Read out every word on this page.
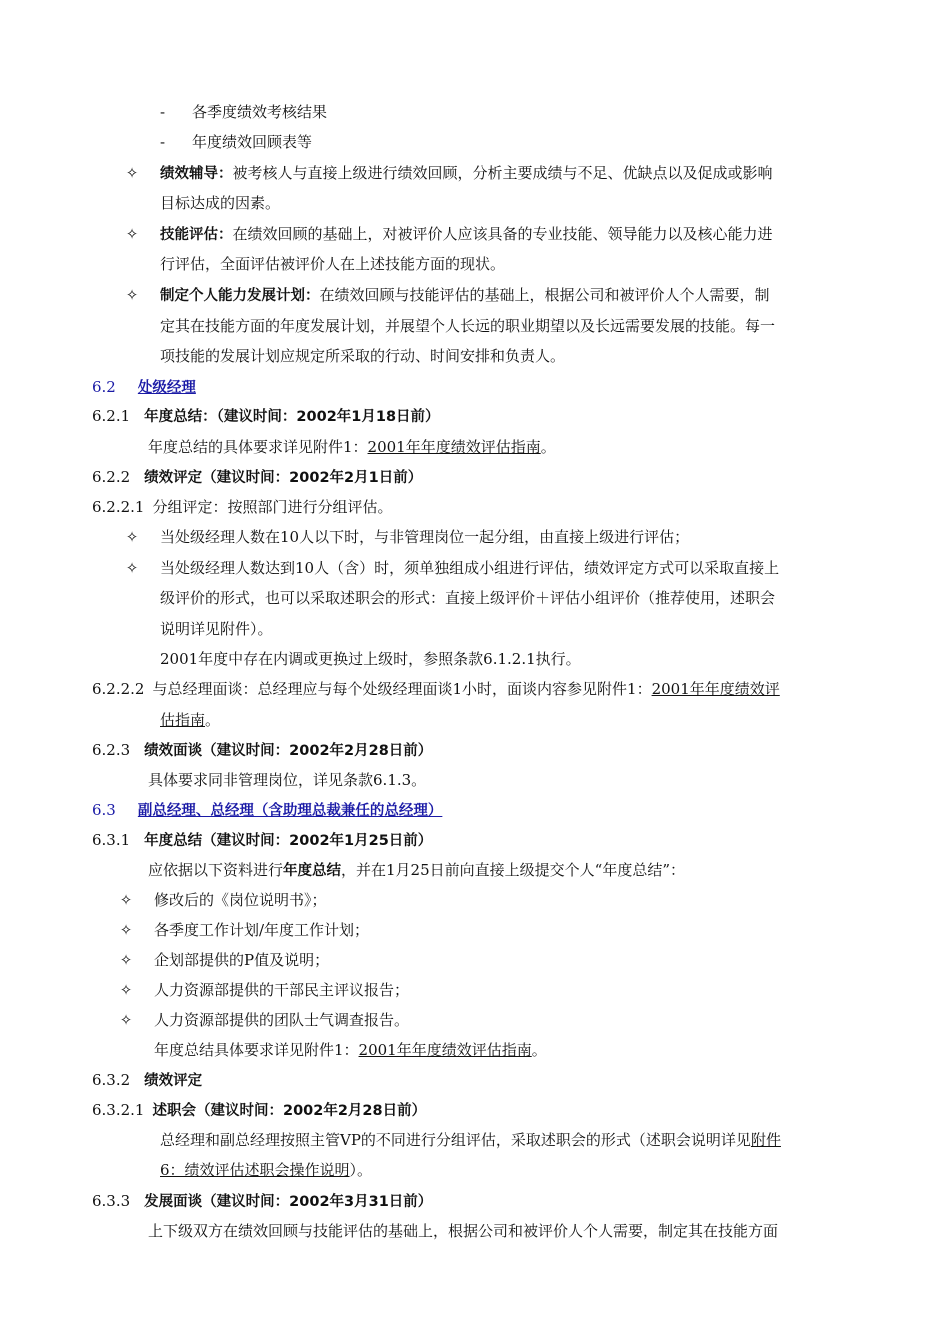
- 各季度绩效考核结果
- 年度绩效回顾表等
✧ 绩效辅导：被考核人与直接上级进行绩效回顾，分析主要成绩与不足、优缺点以及促成或影响
目标达成的因素。
✧ 技能评估：在绩效回顾的基础上，对被评价人应该具备的专业技能、领导能力以及核心能力进
行评估，全面评估被评价人在上述技能方面的现状。
✧ 制定个人能力发展计划：在绩效回顾与技能评估的基础上，根据公司和被评价人个人需要，制
定其在技能方面的年度发展计划，并展望个人长远的职业期望以及长远需要发展的技能。每一
项技能的发展计划应规定所采取的行动、时间安排和负责人。
6.2 处级经理
6.2.1 年度总结：（建议时间：2002年1月18日前）
年度总结的具体要求详见附件1：2001年年度绩效评估指南。
6.2.2 绩效评定（建议时间：2002年2月1日前）
6.2.2.1 分组评定：按照部门进行分组评估。
✧ 当处级经理人数在10人以下时，与非管理岗位一起分组，由直接上级进行评估；
✧ 当处级经理人数达到10人（含）时，须单独组成小组进行评估，绩效评定方式可以采取直接上
级评价的形式，也可以采取述职会的形式：直接上级评价＋评估小组评价（推荐使用，述职会
说明详见附件）。
2001年度中存在内调或更换过上级时，参照条款6.1.2.1执行。
6.2.2.2 与总经理面谈：总经理应与每个处级经理面谈1小时，面谈内容参见附件1：2001年年度绩效评
估指南。
6.2.3 绩效面谈（建议时间：2002年2月28日前）
具体要求同非管理岗位，详见条款6.1.3。
6.3 副总经理、总经理（含助理总裁兼任的总经理）
6.3.1 年度总结（建议时间：2002年1月25日前）
应依据以下资料进行年度总结，并在1月25日前向直接上级提交个人“年度总结”：
✧ 修改后的《岗位说明书》；
✧ 各季度工作计划/年度工作计划；
✧ 企划部提供的P值及说明；
✧ 人力资源部提供的干部民主评议报告；
✧ 人力资源部提供的团队士气调查报告。
年度总结具体要求详见附件1：2001年年度绩效评估指南。
6.3.2 绩效评定
6.3.2.1 述职会（建议时间：2002年2月28日前）
总经理和副总经理按照主管VP的不同进行分组评估，采取述职会的形式（述职会说明详见附件
6：绩效评估述职会操作说明）。
6.3.3 发展面谈（建议时间：2002年3月31日前）
上下级双方在绩效回顾与技能评估的基础上，根据公司和被评价人个人需要，制定其在技能方面
